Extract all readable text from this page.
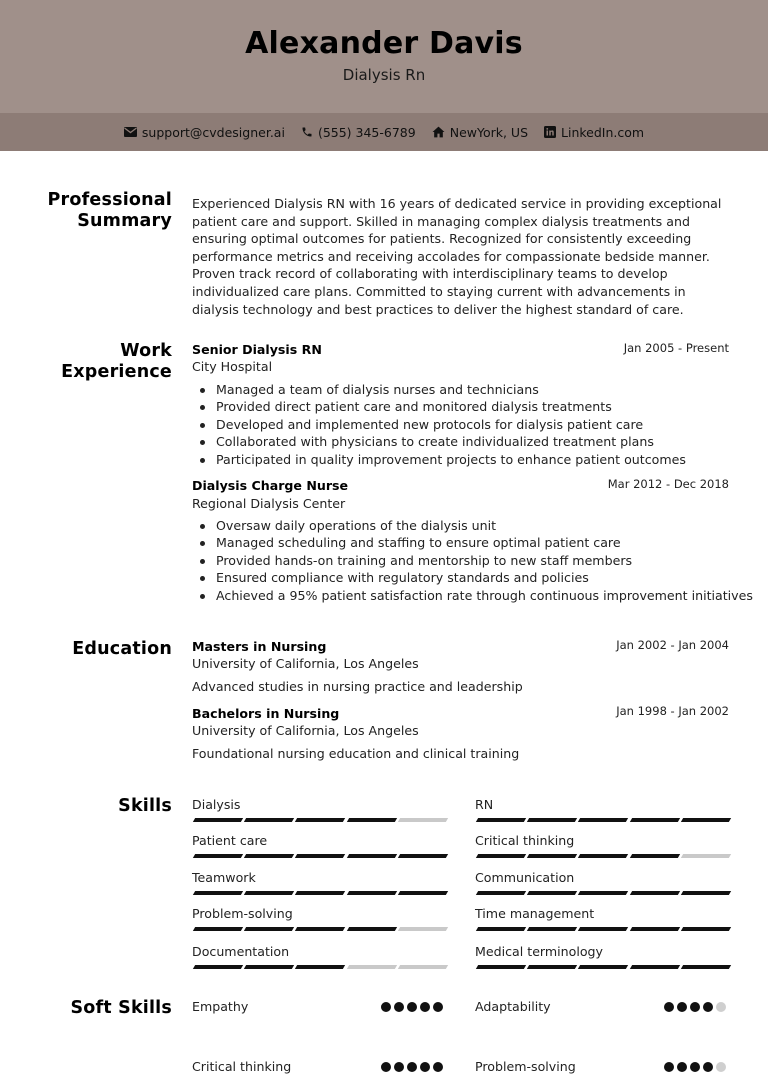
Alexander Davis
Dialysis Rn
support@cvdesigner.ai	(555) 345-6789	NewYork, US	LinkedIn.com
Professional
Summary
Experienced Dialysis RN with 16 years of dedicated service in providing exceptional patient care and support. Skilled in managing complex dialysis treatments and ensuring optimal outcomes for patients. Recognized for consistently exceeding performance metrics and receiving accolades for compassionate bedside manner. Proven track record of collaborating with interdisciplinary teams to develop individualized care plans. Committed to staying current with advancements in dialysis technology and best practices to deliver the highest standard of care.
Work
Experience
Senior Dialysis RN	Jan 2005 - Present
City Hospital
Managed a team of dialysis nurses and technicians
Provided direct patient care and monitored dialysis treatments
Developed and implemented new protocols for dialysis patient care
Collaborated with physicians to create individualized treatment plans
Participated in quality improvement projects to enhance patient outcomes
Dialysis Charge Nurse	Mar 2012 - Dec 2018
Regional Dialysis Center
Oversaw daily operations of the dialysis unit
Managed scheduling and staffing to ensure optimal patient care
Provided hands-on training and mentorship to new staff members
Ensured compliance with regulatory standards and policies
Achieved a 95% patient satisfaction rate through continuous improvement initiatives
Education Masters in Nursing	Jan 2002 - Jan 2004
University of California, Los Angeles
Advanced studies in nursing practice and leadership
Bachelors in Nursing	Jan 1998 - Jan 2002
University of California, Los Angeles
Foundational nursing education and clinical training
Skills Dialysis	RN
Patient care	Critical thinking
Teamwork	Communication
Problem-solving	Time management
Documentation	Medical terminology
Soft Skills Empathy	Adaptability
Critical thinking	Problem-solving
